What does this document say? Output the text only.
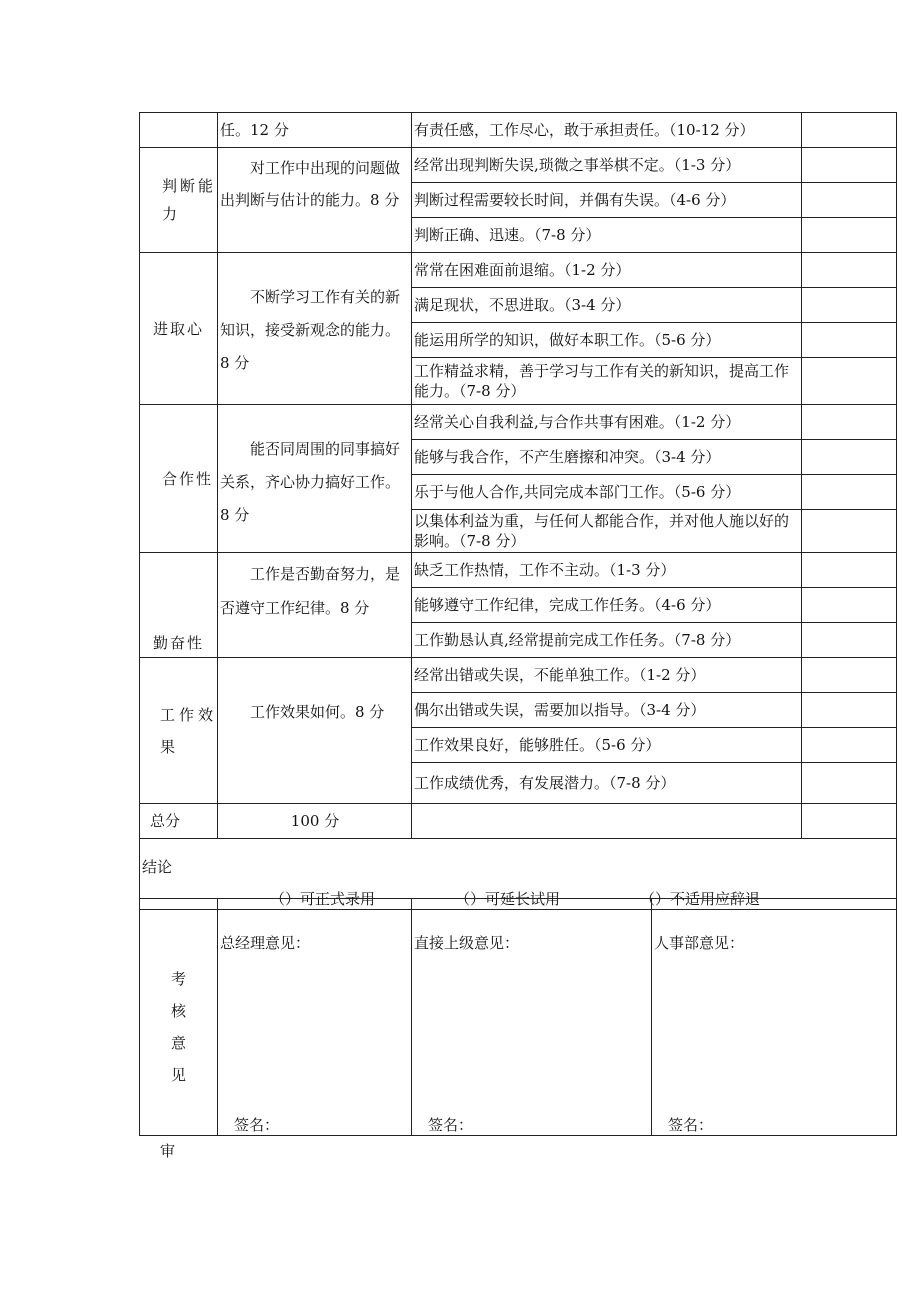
	任。12 分	有责任感，工作尽心，敢于承担责任。（10-12 分）	
判断能力	对工作中出现的问题做出判断与估计的能力。8 分	经常出现判断失误,琐微之事举棋不定。（1-3 分）	
		判断过程需要较长时间，并偶有失误。（4-6 分）	
		判断正确、迅速。（7-8 分）	
进取心	不断学习工作有关的新知识，接受新观念的能力。8 分	常常在困难面前退缩。（1-2 分）	
		满足现状，不思进取。（3-4 分）	
		能运用所学的知识，做好本职工作。（5-6 分）	
		工作精益求精，善于学习与工作有关的新知识，提高工作能力。（7-8 分）	
合作性	能否同周围的同事搞好关系，齐心协力搞好工作。8 分	经常关心自我利益,与合作共事有困难。（1-2 分）	
		能够与我合作，不产生磨擦和冲突。（3-4 分）	
		乐于与他人合作,共同完成本部门工作。（5-6 分）	
		以集体利益为重，与任何人都能合作，并对他人施以好的影响。（7-8 分）	
勤奋性	工作是否勤奋努力，是否遵守工作纪律。8 分	缺乏工作热情，工作不主动。（1-3 分）	
		能够遵守工作纪律，完成工作任务。（4-6 分）	
		工作勤恳认真,经常提前完成工作任务。（7-8 分）	
工作效果	工作效果如何。8 分	经常出错或失误，不能单独工作。（1-2 分）	
		偶尔出错或失误，需要加以指导。（3-4 分）	
		工作效果良好，能够胜任。（5-6 分）	
		工作成绩优秀，有发展潜力。（7-8 分）	
总分	100 分		

结论
（）可正式录用 （）可延长试用 （）不适用应辞退			
考
核
意
见

总经理意见：
签名：

直接上级意见：
签名：

人事部意见：
签名：
审
